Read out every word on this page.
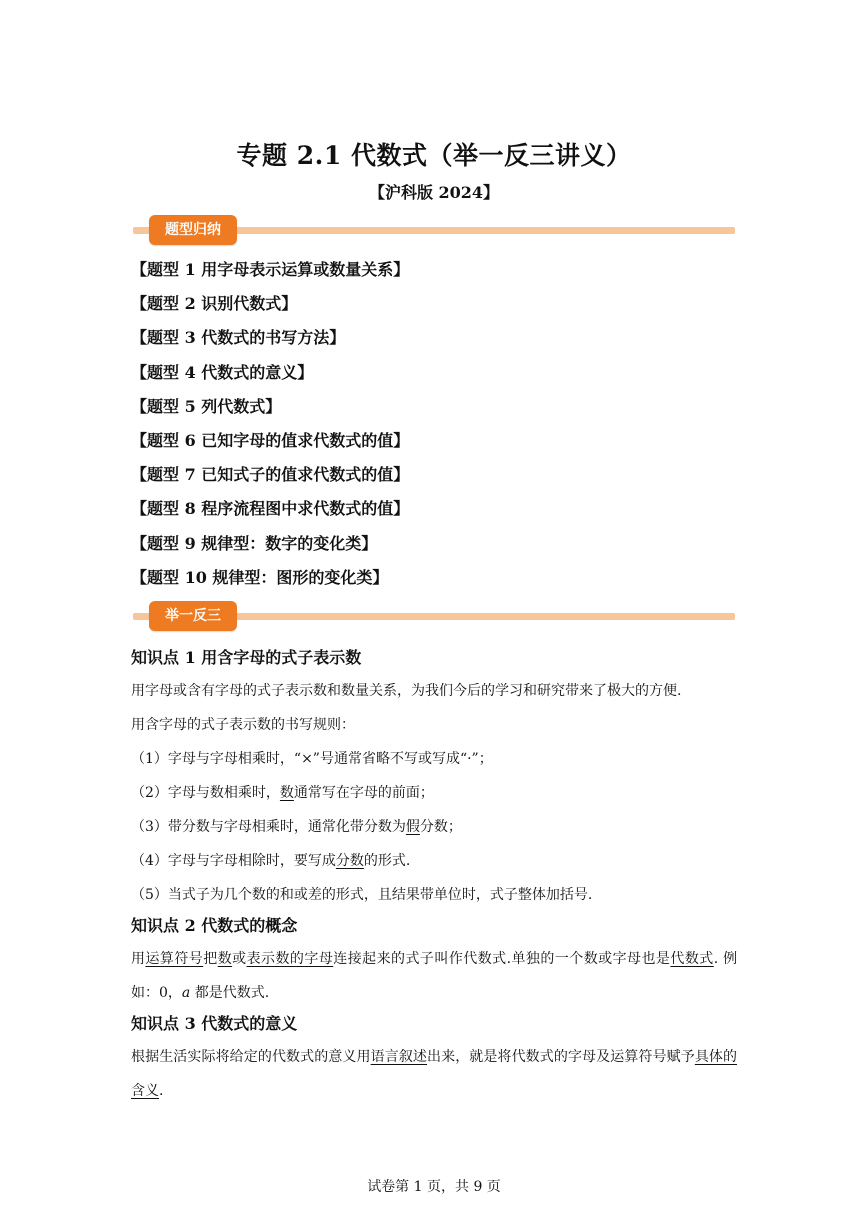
专题 2.1 代数式（举一反三讲义）
【沪科版 2024】
题型归纳
【题型 1 用字母表示运算或数量关系】
【题型 2 识别代数式】
【题型 3 代数式的书写方法】
【题型 4 代数式的意义】
【题型 5 列代数式】
【题型 6 已知字母的值求代数式的值】
【题型 7 已知式子的值求代数式的值】
【题型 8 程序流程图中求代数式的值】
【题型 9 规律型：数字的变化类】
【题型 10 规律型：图形的变化类】
举一反三
知识点 1 用含字母的式子表示数
用字母或含有字母的式子表示数和数量关系，为我们今后的学习和研究带来了极大的方便.
用含字母的式子表示数的书写规则：
（1）字母与字母相乘时，“×”号通常省略不写或写成“·”；
（2）字母与数相乘时，数通常写在字母的前面；
（3）带分数与字母相乘时，通常化带分数为假分数；
（4）字母与字母相除时，要写成分数的形式.
（5）当式子为几个数的和或差的形式，且结果带单位时，式子整体加括号.
知识点 2 代数式的概念
用运算符号把数或表示数的字母连接起来的式子叫作代数式.单独的一个数或字母也是代数式. 例如：0，a 都是代数式.
知识点 3 代数式的意义
根据生活实际将给定的代数式的意义用语言叙述出来，就是将代数式的字母及运算符号赋予具体的含义.
试卷第 1 页，共 9 页
